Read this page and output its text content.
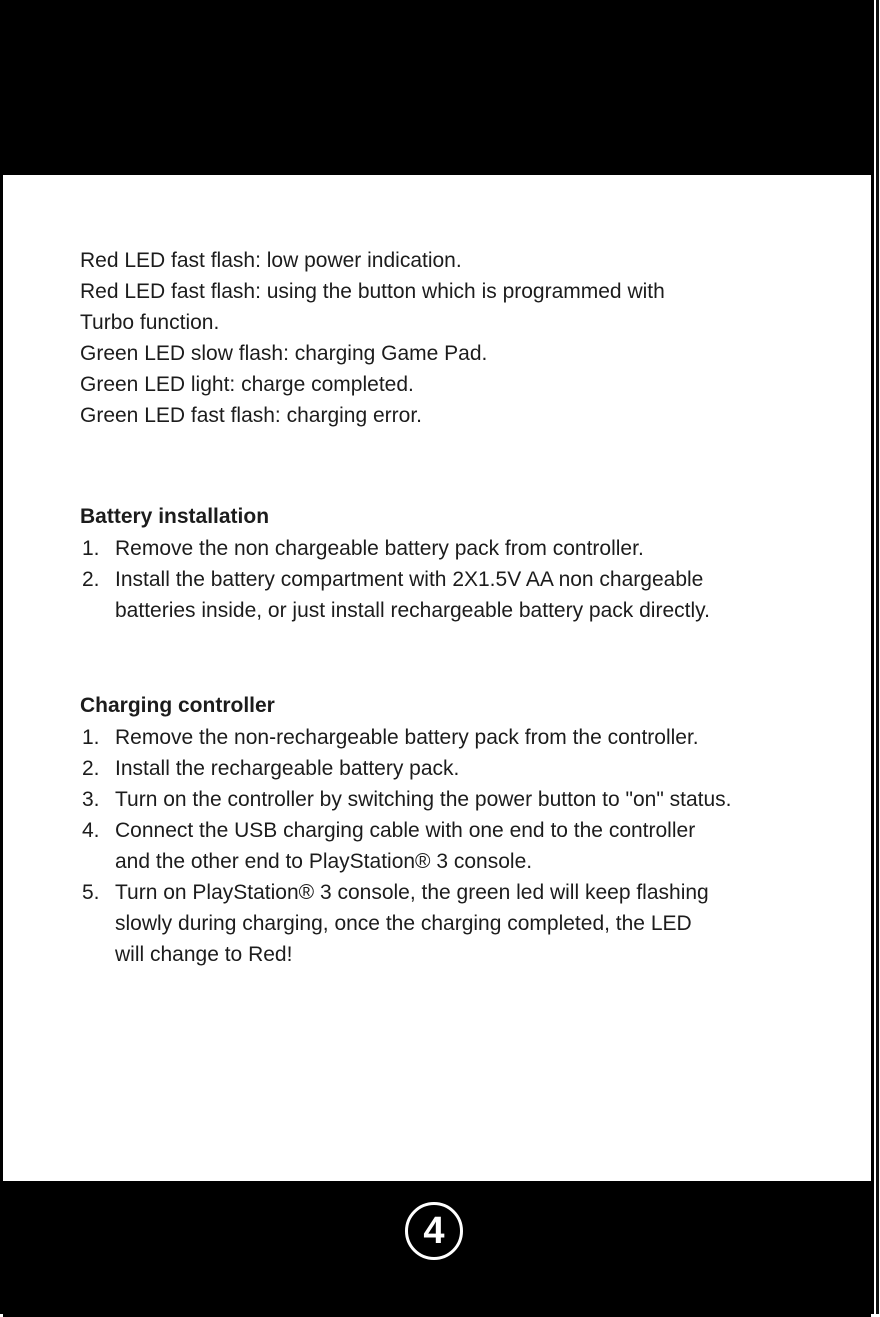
Red LED fast flash: low power indication.
Red LED fast flash: using the button which is programmed with
Turbo function.
Green LED slow flash: charging Game Pad.
Green LED light: charge completed.
Green LED fast flash: charging error.
Battery installation
1. Remove the non chargeable battery pack from controller.
2. Install the battery compartment with 2X1.5V AA non chargeable
batteries inside, or just install rechargeable battery pack directly.
Charging controller
1. Remove the non-rechargeable battery pack from the controller.
2. Install the rechargeable battery pack.
3. Turn on the controller by switching the power button to "on" status.
4. Connect the USB charging cable with one end to the controller
and the other end to PlayStation® 3 console.
5. Turn on PlayStation® 3 console, the green led will keep flashing
slowly during charging, once the charging completed, the LED
will change to Red!
4
